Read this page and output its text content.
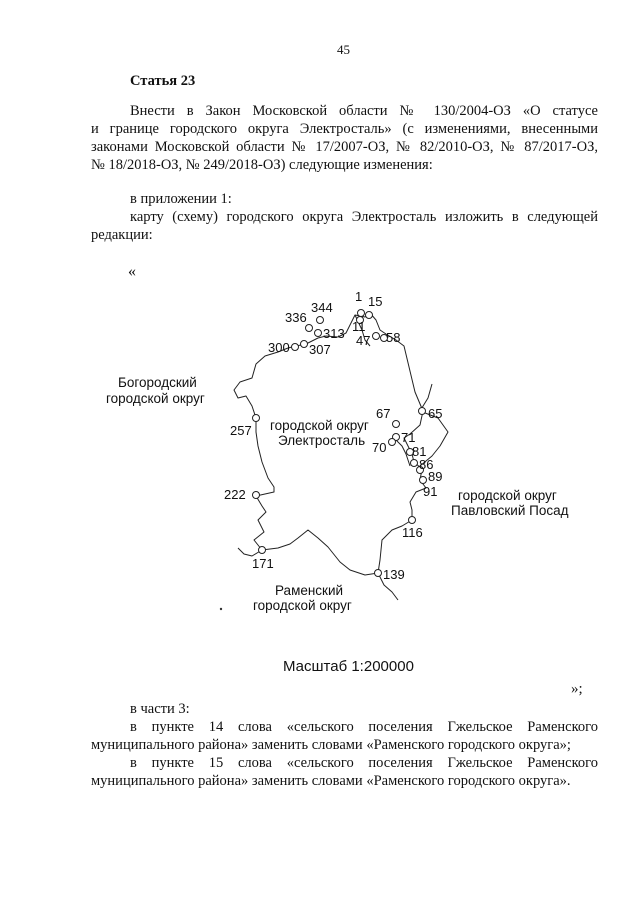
45
Статья 23
Внести в Закон Московской области № 130/2004-ОЗ «О статусе
и границе городского округа Электросталь» (с изменениями, внесенными
законами Московской области № 17/2007-ОЗ, № 82/2010-ОЗ, № 87/2017-ОЗ,
№ 18/2018-ОЗ, № 249/2018-ОЗ) следующие изменения:
в приложении 1:
карту (схему) городского округа Электросталь изложить в следующей
редакции:
«
Богородский
городской округ
городской округ
Электросталь
городской округ
Павловский Посад
Раменский
городской округ
1 15
344
336
313 11
47 58
300 307
67	65
257	71
70 81
86
89
91
222
116
171
139
Масштаб 1:200000
»;
в части 3:
в пункте 14 слова «сельского поселения Гжельское Раменского
муниципального района» заменить словами «Раменского городского округа»;
в пункте 15 слова «сельского поселения Гжельское Раменского
муниципального района» заменить словами «Раменского городского округа».
